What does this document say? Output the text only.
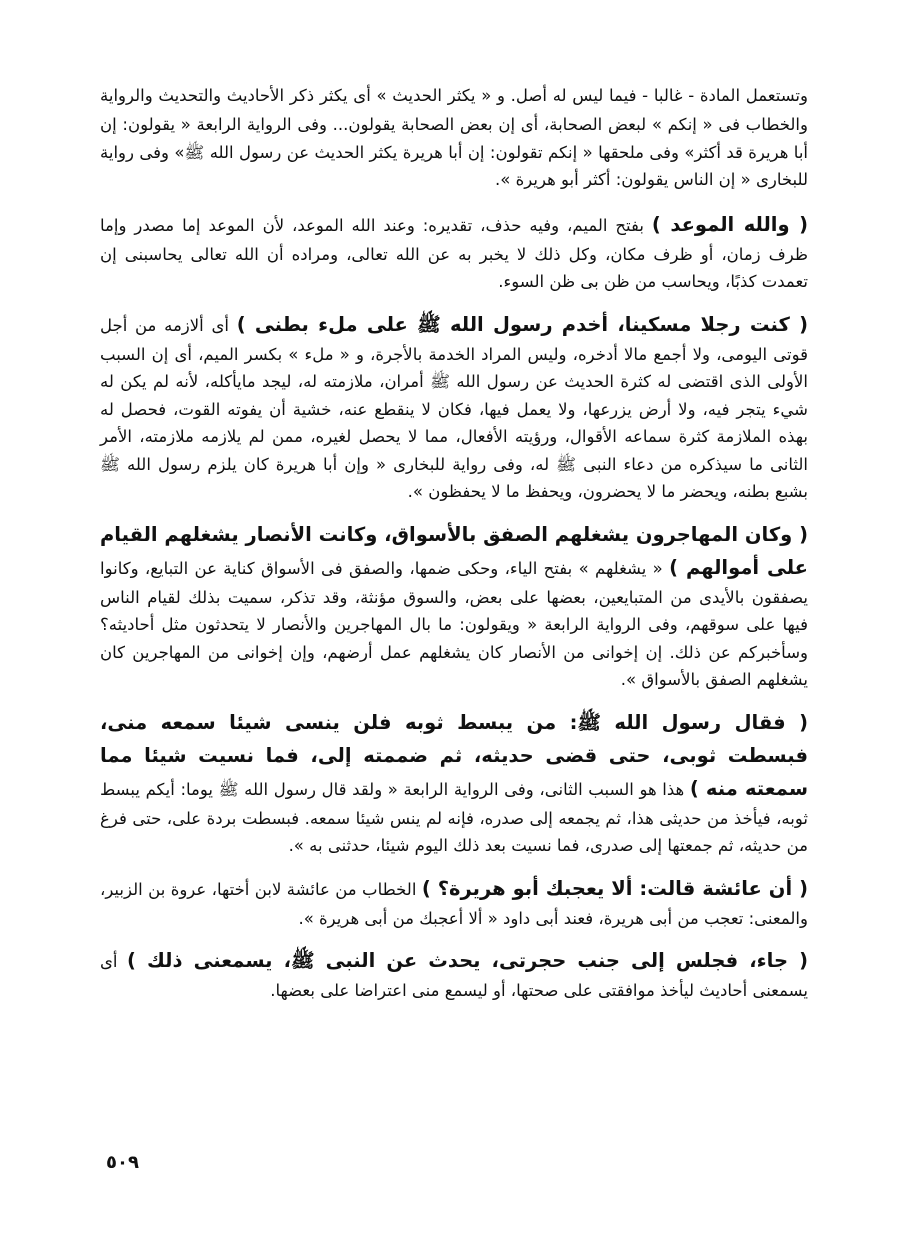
وتستعمل المادة - غالبا - فيما ليس له أصل. و « يكثر الحديث » أى يكثر ذكر الأحاديث والتحديث والرواية والخطاب فى « إنكم » لبعض الصحابة، أى إن بعض الصحابة يقولون... وفى الرواية الرابعة « يقولون: إن أبا هريرة قد أكثر» وفى ملحقها « إنكم تقولون: إن أبا هريرة يكثر الحديث عن رسول الله ﷺ» وفى رواية للبخارى « إن الناس يقولون: أكثر أبو هريرة ».

( والله الموعد ) بفتح الميم، وفيه حذف، تقديره: وعند الله الموعد، لأن الموعد إما مصدر وإما ظرف زمان، أو ظرف مكان، وكل ذلك لا يخبر به عن الله تعالى، ومراده أن الله تعالى يحاسبنى إن تعمدت كذبًا، ويحاسب من ظن بى ظن السوء.

( كنت رجلا مسكينا، أخدم رسول الله ﷺ على ملء بطنى ) أى ألازمه من أجل قوتى اليومى، ولا أجمع مالا أدخره، وليس المراد الخدمة بالأجرة، و « ملء » بكسر الميم، أى إن السبب الأولى الذى اقتضى له كثرة الحديث عن رسول الله ﷺ أمران، ملازمته له، ليجد مايأكله، لأنه لم يكن له شيء يتجر فيه، ولا أرض يزرعها، ولا يعمل فيها، فكان لا ينقطع عنه، خشية أن يفوته القوت، فحصل له بهذه الملازمة كثرة سماعه الأقوال، ورؤيته الأفعال، مما لا يحصل لغيره، ممن لم يلازمه ملازمته، الأمر الثانى ما سيذكره من دعاء النبى ﷺ له، وفى رواية للبخارى « وإن أبا هريرة كان يلزم رسول الله ﷺ بشبع بطنه، ويحضر ما لا يحضرون، ويحفظ ما لا يحفظون ».

( وكان المهاجرون يشغلهم الصفق بالأسواق، وكانت الأنصار يشغلهم القيام على أموالهم ) « يشغلهم » بفتح الياء، وحكى ضمها، والصفق فى الأسواق كناية عن التبايع، وكانوا يصفقون بالأيدى من المتبايعين، بعضها على بعض، والسوق مؤنثة، وقد تذكر، سميت بذلك لقيام الناس فيها على سوقهم، وفى الرواية الرابعة « ويقولون: ما بال المهاجرين والأنصار لا يتحدثون مثل أحاديثه؟ وسأخبركم عن ذلك. إن إخوانى من الأنصار كان يشغلهم عمل أرضهم، وإن إخوانى من المهاجرين كان يشغلهم الصفق بالأسواق ».

( فقال رسول الله ﷺ: من يبسط ثوبه فلن ينسى شيئا سمعه منى، فبسطت ثوبى، حتى قضى حديثه، ثم ضممته إلى، فما نسيت شيئا مما سمعته منه ) هذا هو السبب الثانى، وفى الرواية الرابعة « ولقد قال رسول الله ﷺ يوما: أيكم يبسط ثوبه، فيأخذ من حديثى هذا، ثم يجمعه إلى صدره، فإنه لم ينس شيئا سمعه. فبسطت بردة على، حتى فرغ من حديثه، ثم جمعتها إلى صدرى، فما نسيت بعد ذلك اليوم شيئا، حدثنى به ».

( أن عائشة قالت: ألا يعجبك أبو هريرة؟ ) الخطاب من عائشة لابن أختها، عروة بن الزبير، والمعنى: تعجب من أبى هريرة، فعند أبى داود « ألا أعجبك من أبى هريرة ».

( جاء، فجلس إلى جنب حجرتى، يحدث عن النبى ﷺ، يسمعنى ذلك ) أى يسمعنى أحاديث ليأخذ موافقتى على صحتها، أو ليسمع منى اعتراضا على بعضها.

٥٠٩
